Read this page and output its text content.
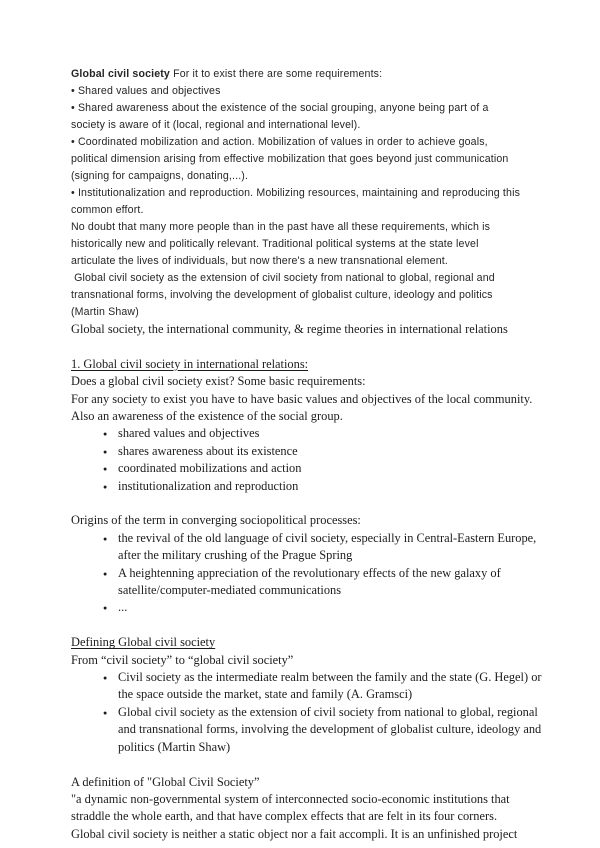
Global civil society For it to exist there are some requirements:

• Shared values and objectives

• Shared awareness about the existence of the social grouping, anyone being part of a

society is aware of it (local, regional and international level).

• Coordinated mobilization and action. Mobilization of values in order to achieve goals,

political dimension arising from effective mobilization that goes beyond just communication

(signing for campaigns, donating,...).

• Institutionalization and reproduction. Mobilizing resources, maintaining and reproducing this

common effort.

No doubt that many more people than in the past have all these requirements, which is

historically new and politically relevant. Traditional political systems at the state level

articulate the lives of individuals, but now there's a new transnational element.

Global civil society as the extension of civil society from national to global, regional and

transnational forms, involving the development of globalist culture, ideology and politics

(Martin Shaw)

Global society, the international community, & regime theories in international relations

1. Global civil society in international relations:

Does a global civil society exist? Some basic requirements:

For any society to exist you have to have basic values and objectives of the local community.

Also an awareness of the existence of the social group.

● shared values and objectives
● shares awareness about its existence
● coordinated mobilizations and action
● institutionalization and reproduction

Origins of the term in converging sociopolitical processes:

● the revival of the old language of civil society, especially in Central-Eastern Europe, after the military crushing of the Prague Spring
● A heightenning appreciation of the revolutionary effects of the new galaxy of satellite/computer-mediated communications
● ...

Defining Global civil society

From “civil society” to “global civil society”

● Civil society as the intermediate realm between the family and the state (G. Hegel) or the space outside the market, state and family (A. Gramsci)
● Global civil society as the extension of civil society from national to global, regional and transnational forms, involving the development of globalist culture, ideology and politics (Martin Shaw)

A definition of "Global Civil Society”

"a dynamic non-governmental system of interconnected socio-economic institutions that

straddle the whole earth, and that have complex effects that are felt in its four corners.

Global civil society is neither a static object nor a fait accompli. It is an unfinished project
